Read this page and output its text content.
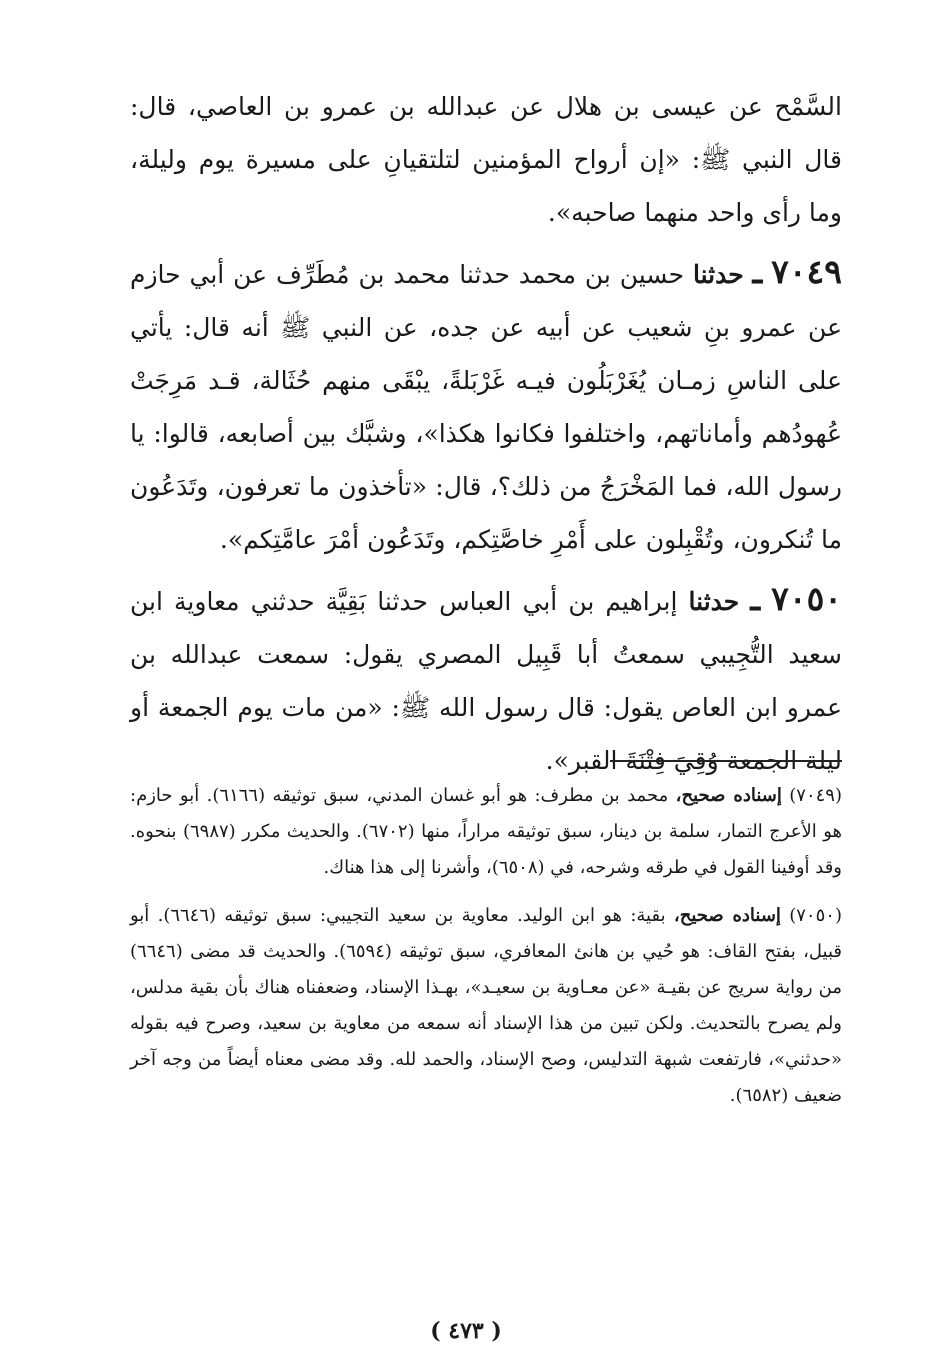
السَّمْح عن عيسى بن هلال عن عبدالله بن عمرو بن العاصي، قال: قال النبي ﷺ: «إن أرواح المؤمنين لتلتقيانِ على مسيرة يوم وليلة، وما رأى واحد منهما صاحبه».

٧٠٤٩ ـ حدثنا حسين بن محمد حدثنا محمد بن مُطَرِّف عن أبي حازم عن عمرو بنِ شعيب عن أبيه عن جده، عن النبي ﷺ أنه قال: يأتي على الناسِ زمـان يُغَرْبَلُون فيـه غَرْبَلةً، يبْقَى منهم حُثَالة، قـد مَرِجَتْ عُهودُهم وأماناتهم، واختلفوا فكانوا هكذا»، وشبَّك بين أصابعه، قالوا: يا رسول الله، فما المَخْرَجُ من ذلك؟، قال: «تأخذون ما تعرفون، وتَدَعُون ما تُنكرون، وتُقْبِلون على أَمْرِ خاصَّتِكم، وتَدَعُون أمْرَ عامَّتِكم».

٧٠٥٠ ـ حدثنا إبراهيم بن أبي العباس حدثنا بَقِيَّة حدثني معاوية ابن سعيد التُّجِيبي سمعتُ أبا قَبِيل المصري يقول: سمعت عبدالله بن عمرو ابن العاص يقول: قال رسول الله ﷺ: «من مات يوم الجمعة أو ليلة الجمعة وُقِيَ فِتْنَةَ القبر».

(٧٠٤٩) إسناده صحيح، محمد بن مطرف: هو أبو غسان المدني، سبق توثيقه (٦١٦٦). أبو حازم: هو الأعرج التمار، سلمة بن دينار، سبق توثيقه مراراً، منها (٦٧٠٢). والحديث مكرر (٦٩٨٧) بنحوه. وقد أوفينا القول في طرقه وشرحه، في (٦٥٠٨)، وأشرنا إلى هذا هناك.

(٧٠٥٠) إسناده صحيح، بقية: هو ابن الوليد. معاوية بن سعيد التجيبي: سبق توثيقه (٦٦٤٦). أبو قبيل، بفتح القاف: هو حُيي بن هانئ المعافري، سبق توثيقه (٦٥٩٤). والحديث قد مضى (٦٦٤٦) من رواية سريج عن بقيـة «عن معـاوية بن سعيـد»، بهـذا الإسناد، وضعفناه هناك بأن بقية مدلس، ولم يصرح بالتحديث. ولكن تبين من هذا الإسناد أنه سمعه من معاوية بن سعيد، وصرح فيه بقوله «حدثني»، فارتفعت شبهة التدليس، وصح الإسناد، والحمد لله. وقد مضى معناه أيضاً من وجه آخر ضعيف (٦٥٨٢).

( ٤٧٣ )
